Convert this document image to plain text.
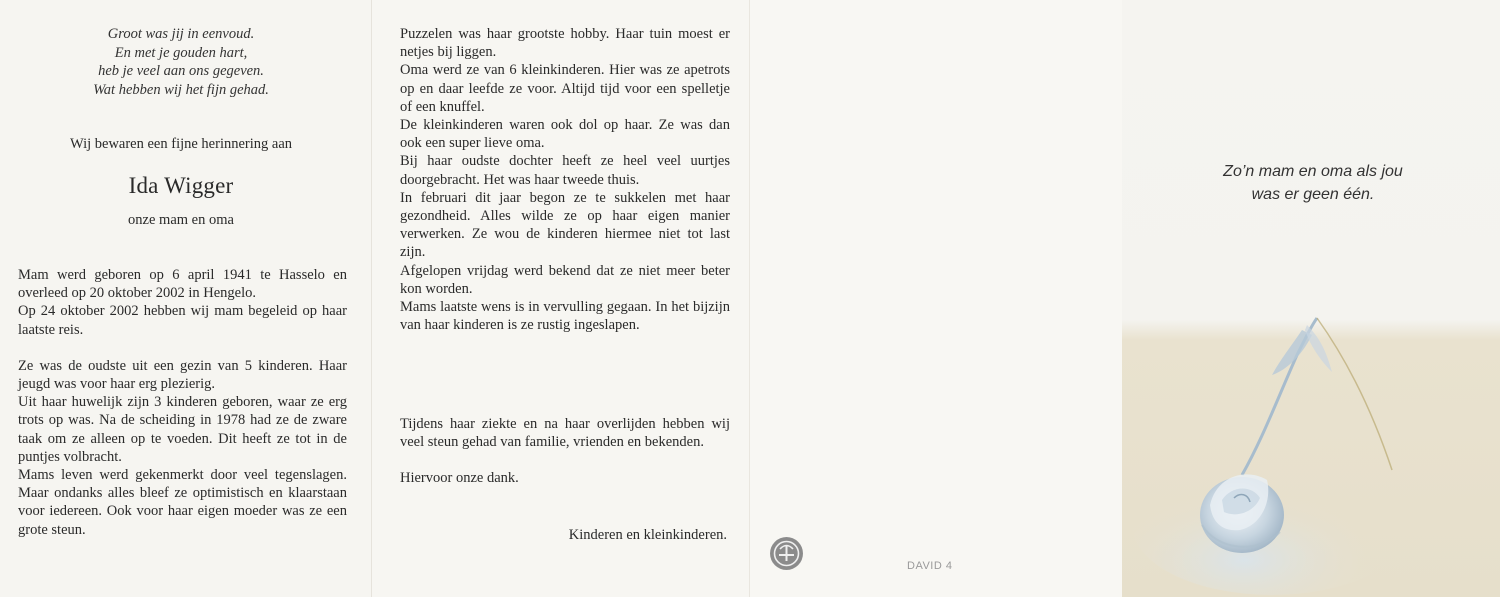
Groot was jij in eenvoud.
En met je gouden hart,
heb je veel aan ons gegeven.
Wat hebben wij het fijn gehad.
Wij bewaren een fijne herinnering aan
Ida Wigger
onze mam en oma

Mam werd geboren op 6 april 1941 te Hasselo en overleed op 20 oktober 2002 in Hengelo.

Op 24 oktober 2002 hebben wij mam begeleid op haar laatste reis.

Ze was de oudste uit een gezin van 5 kinderen. Haar jeugd was voor haar erg plezierig.

Uit haar huwelijk zijn 3 kinderen geboren, waar ze erg trots op was. Na de scheiding in 1978 had ze de zware taak om ze alleen op te voeden. Dit heeft ze tot in de puntjes volbracht.

Mams leven werd gekenmerkt door veel tegenslagen. Maar ondanks alles bleef ze optimistisch en klaarstaan voor iedereen. Ook voor haar eigen moeder was ze een grote steun.

Puzzelen was haar grootste hobby. Haar tuin moest er netjes bij liggen.

Oma werd ze van 6 kleinkinderen. Hier was ze apetrots op en daar leefde ze voor. Altijd tijd voor een spelletje of een knuffel.

De kleinkinderen waren ook dol op haar. Ze was dan ook een super lieve oma.

Bij haar oudste dochter heeft ze heel veel uurtjes doorgebracht. Het was haar tweede thuis.

In februari dit jaar begon ze te sukkelen met haar gezondheid. Alles wilde ze op haar eigen manier verwerken. Ze wou de kinderen hiermee niet tot last zijn.

Afgelopen vrijdag werd bekend dat ze niet meer beter kon worden.

Mams laatste wens is in vervulling gegaan. In het bijzijn van haar kinderen is ze rustig ingeslapen.

Tijdens haar ziekte en na haar overlijden hebben wij veel steun gehad van familie, vrienden en bekenden.

Hiervoor onze dank.

Kinderen en kleinkinderen.
DAVID 4
Zo’n mam en oma als jou
was er geen één.
